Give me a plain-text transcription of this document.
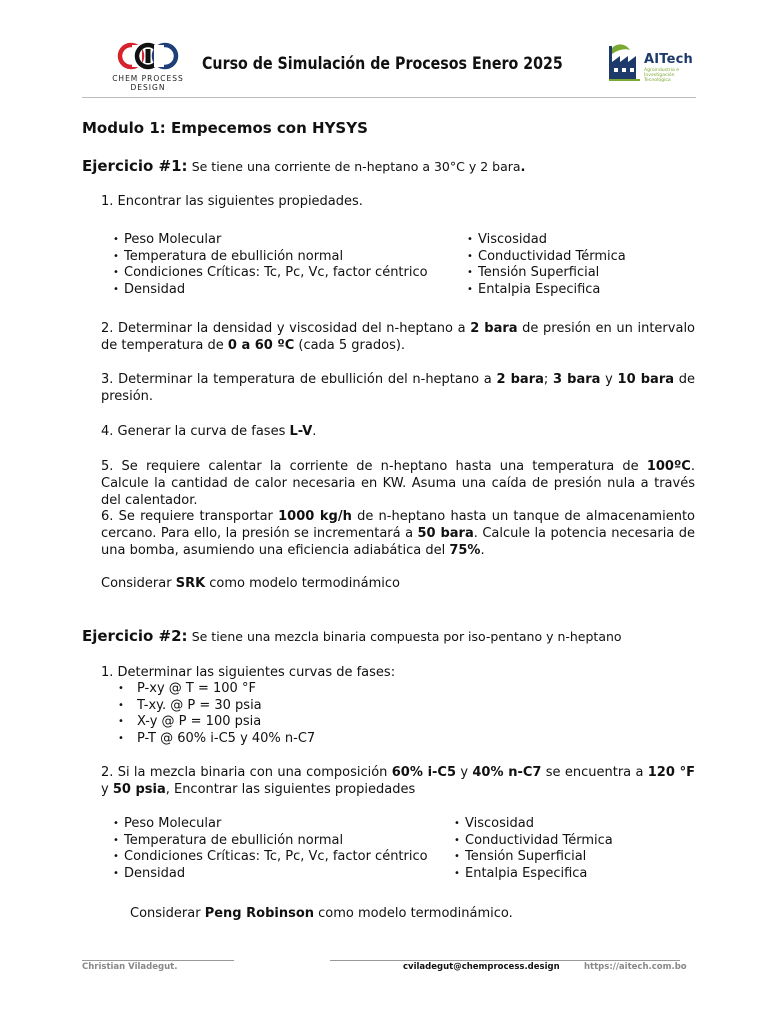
CHEM PROCESS
DESIGN
Curso de Simulación de Procesos Enero 2025	AITech
Agroindustria e Investigación Tecnológica
Modulo 1: Empecemos con HYSYS
Ejercicio #1: Se tiene una corriente de n-heptano a 30°C y 2 bara.
1. Encontrar las siguientes propiedades.
• Peso Molecular
• Temperatura de ebullición normal
• Condiciones Críticas: Tc, Pc, Vc, factor céntrico
• Densidad
• Viscosidad
• Conductividad Térmica
• Tensión Superficial
• Entalpia Especifica
2. Determinar la densidad y viscosidad del n-heptano a 2 bara de presión en un intervalo de temperatura de 0 a 60 ºC (cada 5 grados).
3. Determinar la temperatura de ebullición del n-heptano a 2 bara; 3 bara y 10 bara de presión.
4. Generar la curva de fases L-V.
5. Se requiere calentar la corriente de n-heptano hasta una temperatura de 100ºC. Calcule la cantidad de calor necesaria en KW. Asuma una caída de presión nula a través del calentador.
6. Se requiere transportar 1000 kg/h de n-heptano hasta un tanque de almacenamiento cercano. Para ello, la presión se incrementará a 50 bara. Calcule la potencia necesaria de una bomba, asumiendo una eficiencia adiabática del 75%.
Considerar SRK como modelo termodinámico
Ejercicio #2: Se tiene una mezcla binaria compuesta por iso-pentano y n-heptano
1. Determinar las siguientes curvas de fases:
• P-xy @ T = 100 °F
• T-xy. @ P = 30 psia
• X-y @ P = 100 psia
• P-T @ 60% i-C5 y 40% n-C7
2. Si la mezcla binaria con una composición 60% i-C5 y 40% n-C7 se encuentra a 120 °F y 50 psia, Encontrar las siguientes propiedades
• Peso Molecular
• Temperatura de ebullición normal
• Condiciones Críticas: Tc, Pc, Vc, factor céntrico
• Densidad
• Viscosidad
• Conductividad Térmica
• Tensión Superficial
• Entalpia Especifica
Considerar Peng Robinson como modelo termodinámico.
Christian Viladegut.	cviladegut@chemprocess.design	https://aitech.com.bo
